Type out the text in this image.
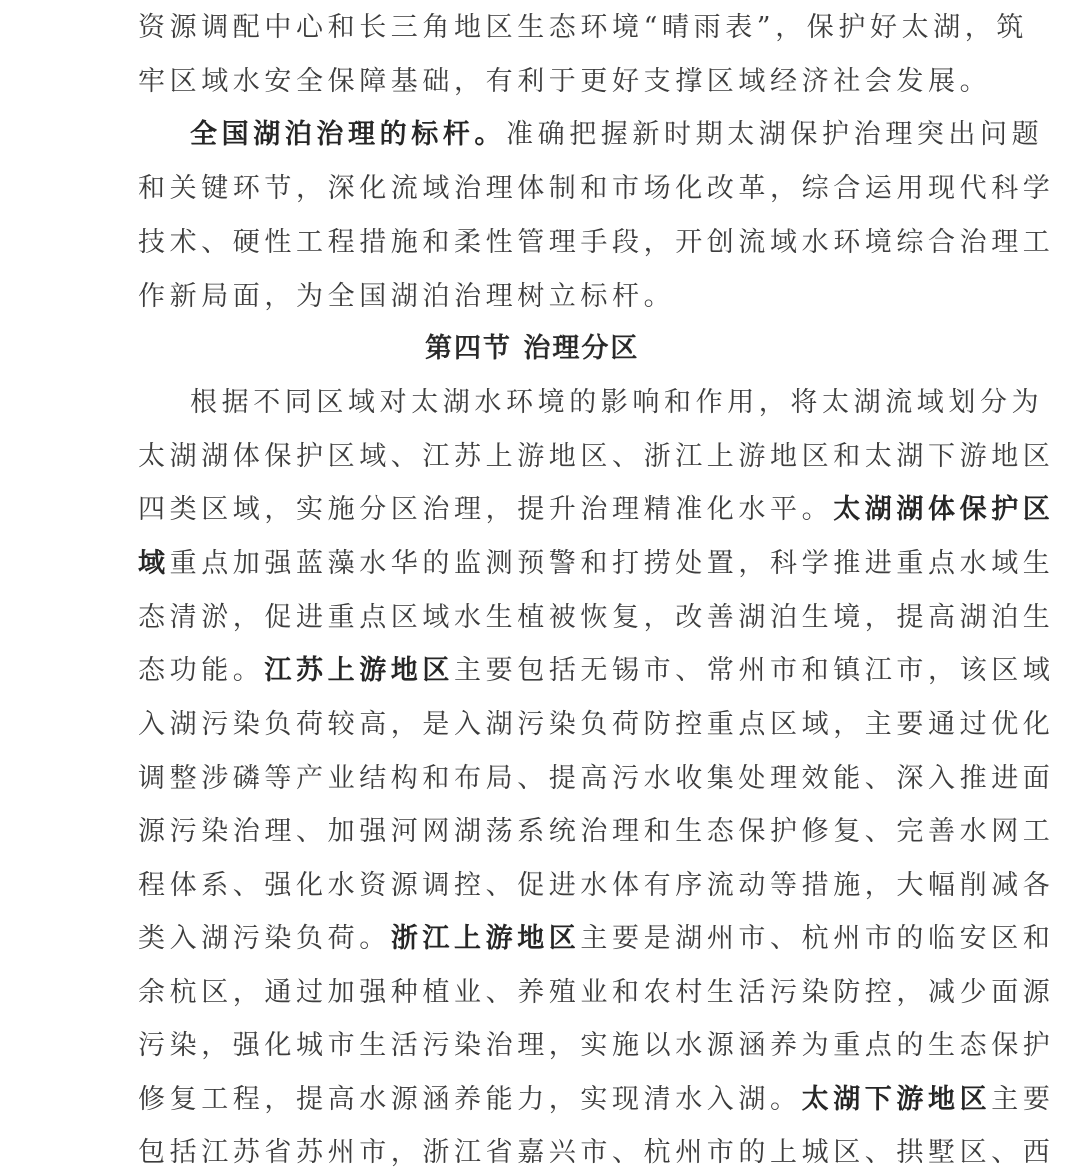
资源调配中心和长三角地区生态环境“晴雨表”，保护好太湖，筑
牢区域水安全保障基础，有利于更好支撑区域经济社会发展。
全国湖泊治理的标杆。准确把握新时期太湖保护治理突出问题
和关键环节，深化流域治理体制和市场化改革，综合运用现代科学
技术、硬性工程措施和柔性管理手段，开创流域水环境综合治理工
作新局面，为全国湖泊治理树立标杆。
第四节 治理分区
根据不同区域对太湖水环境的影响和作用，将太湖流域划分为
太湖湖体保护区域、江苏上游地区、浙江上游地区和太湖下游地区
四类区域，实施分区治理，提升治理精准化水平。太湖湖体保护区
域重点加强蓝藻水华的监测预警和打捞处置，科学推进重点水域生
态清淤，促进重点区域水生植被恢复，改善湖泊生境，提高湖泊生
态功能。江苏上游地区主要包括无锡市、常州市和镇江市，该区域
入湖污染负荷较高，是入湖污染负荷防控重点区域，主要通过优化
调整涉磷等产业结构和布局、提高污水收集处理效能、深入推进面
源污染治理、加强河网湖荡系统治理和生态保护修复、完善水网工
程体系、强化水资源调控、促进水体有序流动等措施，大幅削减各
类入湖污染负荷。浙江上游地区主要是湖州市、杭州市的临安区和
余杭区，通过加强种植业、养殖业和农村生活污染防控，减少面源
污染，强化城市生活污染治理，实施以水源涵养为重点的生态保护
修复工程，提高水源涵养能力，实现清水入湖。太湖下游地区主要
包括江苏省苏州市，浙江省嘉兴市、杭州市的上城区、拱墅区、西
